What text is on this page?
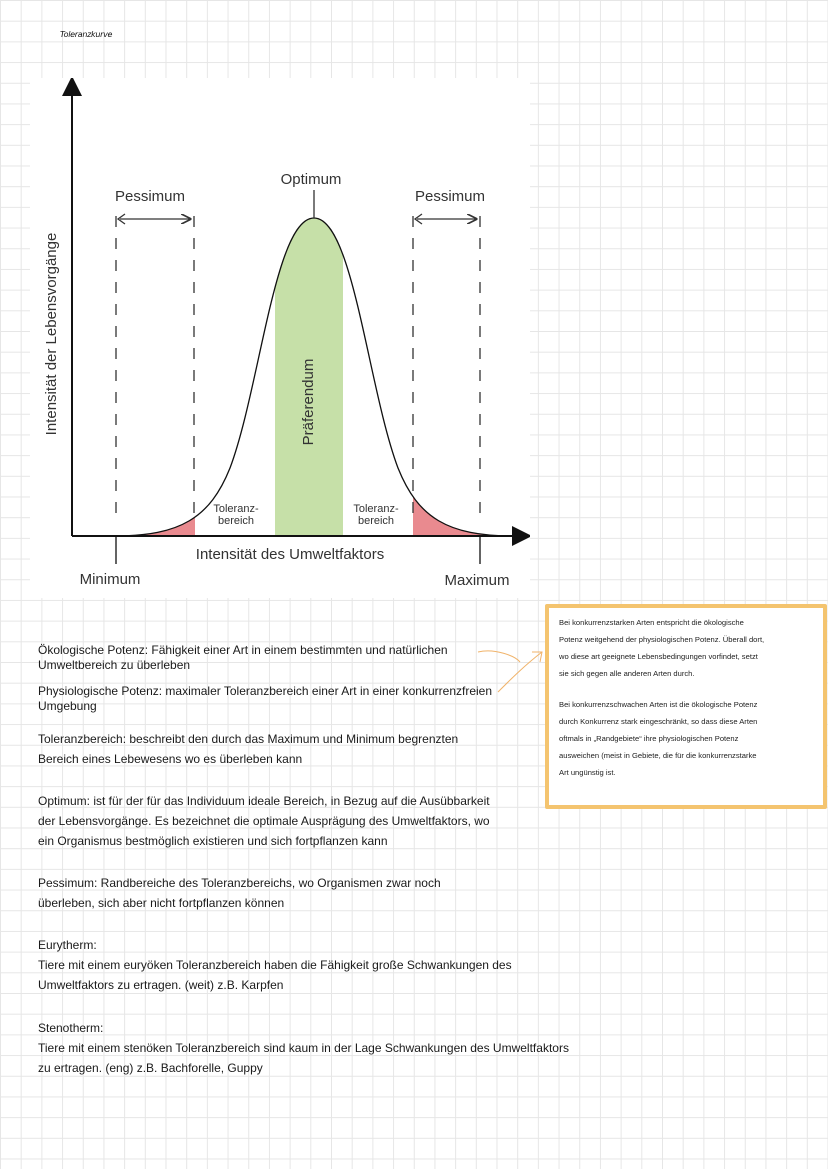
Toleranzkurve
Optimum
Pessimum	Pessimum
Toleranz-
bereich
Toleranz-
bereich
Präferendum
Intensität der Lebensvorgänge
Intensität des Umweltfaktors
Minimum	Maximum
Ökologische Potenz: Fähigkeit einer Art in einem bestimmten und natürlichen
Umweltbereich zu überleben
Physiologische Potenz: maximaler Toleranzbereich einer Art in einer konkurrenzfreien
Umgebung
Toleranzbereich: beschreibt den durch das Maximum und Minimum begrenzten
Bereich eines Lebewesens wo es überleben kann
Optimum: ist für der für das Individuum ideale Bereich, in Bezug auf die Ausübbarkeit
der Lebensvorgänge. Es bezeichnet die optimale Ausprägung des Umweltfaktors, wo
ein Organismus bestmöglich existieren und sich fortpflanzen kann
Pessimum: Randbereiche des Toleranzbereichs, wo Organismen zwar noch
überleben, sich aber nicht fortpflanzen können
Eurytherm:
Tiere mit einem euryöken Toleranzbereich haben die Fähigkeit große Schwankungen des
Umweltfaktors zu ertragen. (weit) z.B. Karpfen
Stenotherm:
Tiere mit einem stenöken Toleranzbereich sind kaum in der Lage Schwankungen des Umweltfaktors
zu ertragen. (eng) z.B. Bachforelle, Guppy
Bei konkurrenzstarken Arten entspricht die ökologische
Potenz weitgehend der physiologischen Potenz. Überall dort,
wo diese art geeignete Lebensbedingungen vorfindet, setzt
sie sich gegen alle anderen Arten durch.
Bei konkurrenzschwachen Arten ist die ökologische Potenz
durch Konkurrenz stark eingeschränkt, so dass diese Arten
oftmals in „Randgebiete“ ihre physiologischen Potenz
ausweichen (meist in Gebiete, die für die konkurrenzstarke
Art ungünstig ist.
